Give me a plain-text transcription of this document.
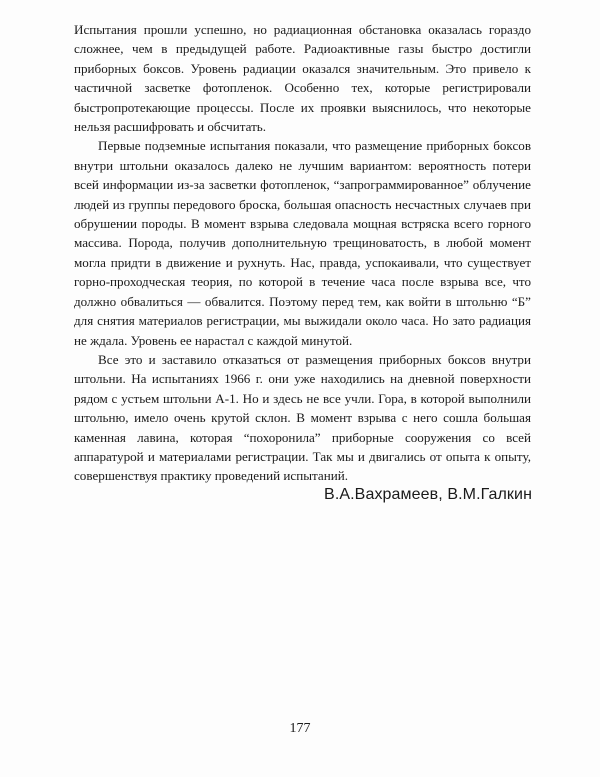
Испытания прошли успешно, но радиационная обстановка оказалась гораздо сложнее, чем в предыдущей работе. Радиоактивные газы быстро достигли приборных боксов. Уровень радиации оказался значительным. Это привело к частичной засветке фотопленок. Особенно тех, которые регистрировали быстропротекающие процессы. После их проявки выяснилось, что некоторые нельзя расшифровать и обсчитать.

Первые подземные испытания показали, что размещение приборных боксов внутри штольни оказалось далеко не лучшим вариантом: вероятность потери всей информации из-за засветки фотопленок, “запрограммированное” облучение людей из группы передового броска, большая опасность несчастных случаев при обрушении породы. В момент взрыва следовала мощная встряска всего горного массива. Порода, получив дополнительную трещиноватость, в любой момент могла придти в движение и рухнуть. Нас, правда, успокаивали, что существует горно-проходческая теория, по которой в течение часа после взрыва все, что должно обвалиться — обвалится. Поэтому перед тем, как войти в штольню “Б” для снятия материалов регистрации, мы выжидали около часа. Но зато радиация не ждала. Уровень ее нарастал с каждой минутой.

Все это и заставило отказаться от размещения приборных боксов внутри штольни. На испытаниях 1966 г. они уже находились на дневной поверхности рядом с устьем штольни А-1. Но и здесь не все учли. Гора, в которой выполнили штольню, имело очень крутой склон. В момент взрыва с него сошла большая каменная лавина, которая “похоронила” приборные сооружения со всей аппаратурой и материалами регистрации. Так мы и двигались от опыта к опыту, совершенствуя практику проведений испытаний.

В.А.Вахрамеев, В.М.Галкин
177
